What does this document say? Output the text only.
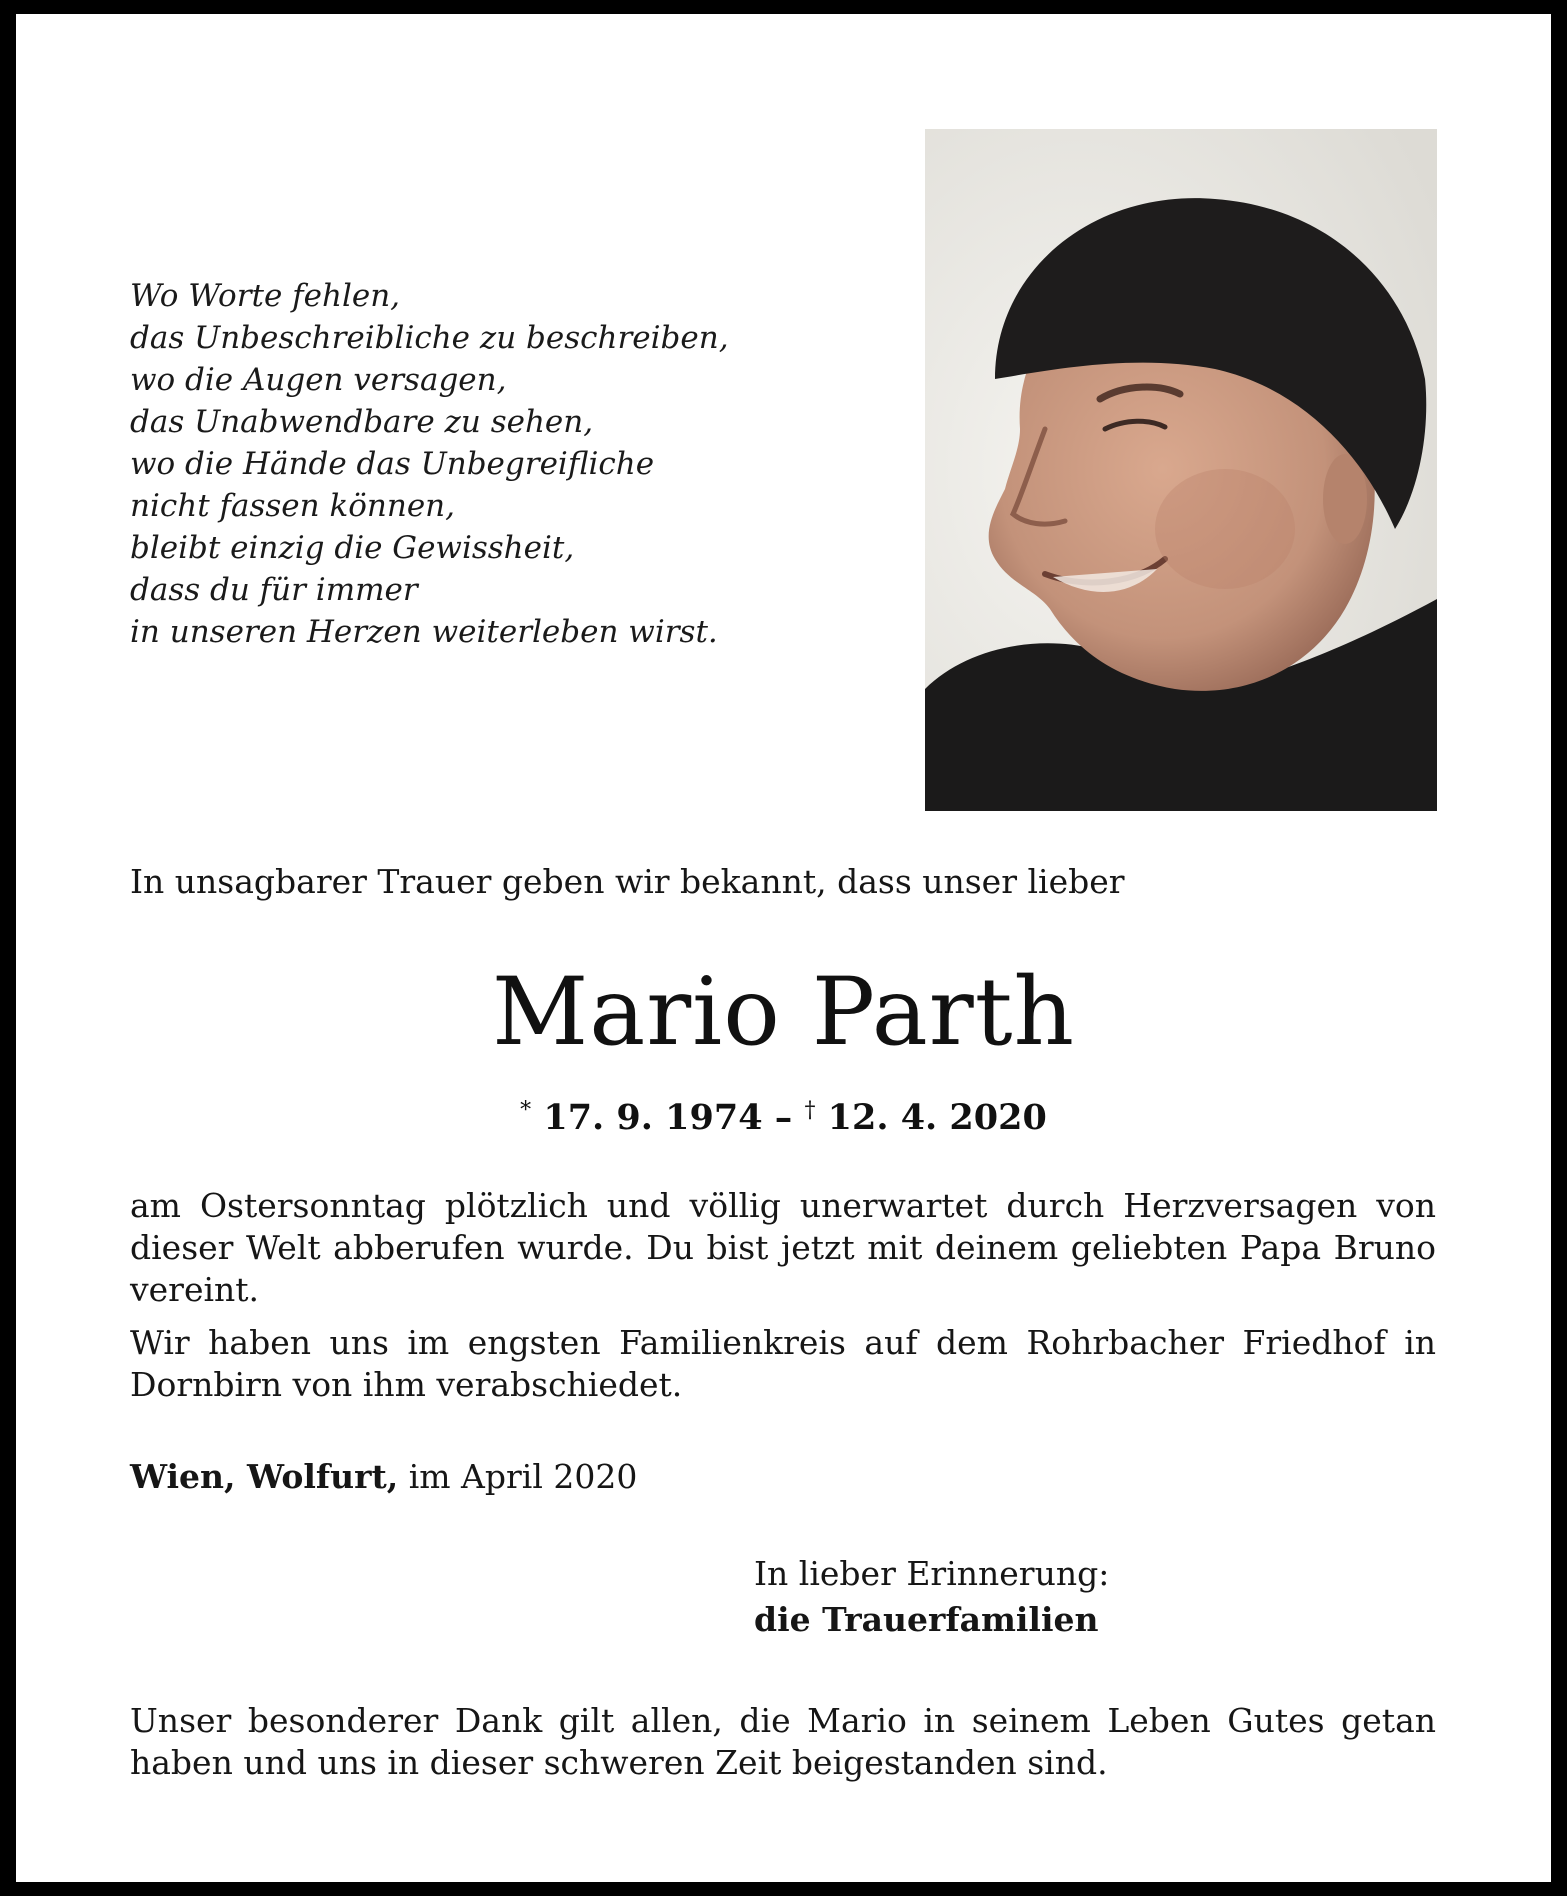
Wo Worte fehlen,
das Unbeschreibliche zu beschreiben,
wo die Augen versagen,
das Unabwendbare zu sehen,
wo die Hände das Unbegreifliche
nicht fassen können,
bleibt einzig die Gewissheit,
dass du für immer
in unseren Herzen weiterleben wirst.
In unsagbarer Trauer geben wir bekannt, dass unser lieber
Mario Parth
* 17. 9. 1974 – † 12. 4. 2020
am Ostersonntag plötzlich und völlig unerwartet durch Herzversagen von dieser Welt abberufen wurde. Du bist jetzt mit deinem geliebten Papa Bruno vereint.
Wir haben uns im engsten Familienkreis auf dem Rohrbacher Friedhof in Dornbirn von ihm verabschiedet.
Wien, Wolfurt, im April 2020
In lieber Erinnerung:
die Trauerfamilien
Unser besonderer Dank gilt allen, die Mario in seinem Leben Gutes getan haben und uns in dieser schweren Zeit beigestanden sind.
